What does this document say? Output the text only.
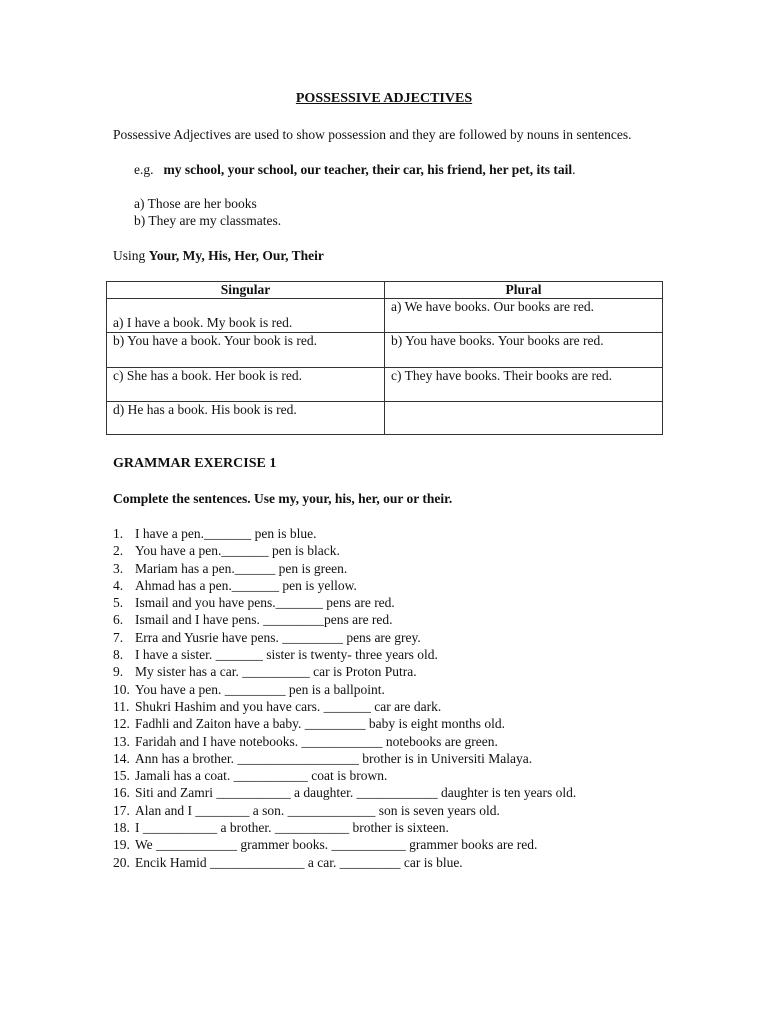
POSSESSIVE ADJECTIVES
Possessive Adjectives are used to show possession and they are followed by nouns in sentences.
e.g. my school, your school, our teacher, their car, his friend, her pet, its tail.
a) Those are her books
b) They are my classmates.
Using Your, My, His, Her, Our, Their
Singular	Plural
a) I have a book. My book is red.	a) We have books. Our books are red.
b) You have a book. Your book is red.	b) You have books. Your books are red.
c) She has a book. Her book is red.	c) They have books. Their books are red.
d) He has a book. His book is red.	
GRAMMAR EXERCISE 1
Complete the sentences. Use my, your, his, her, our or their.
1. I have a pen._______ pen is blue.
2. You have a pen._______ pen is black.
3. Mariam has a pen.______ pen is green.
4. Ahmad has a pen._______ pen is yellow.
5. Ismail and you have pens._______ pens are red.
6. Ismail and I have pens. _________pens are red.
7. Erra and Yusrie have pens. _________ pens are grey.
8. I have a sister. _______ sister is twenty- three years old.
9. My sister has a car. __________ car is Proton Putra.
10. You have a pen. _________ pen is a ballpoint.
11. Shukri Hashim and you have cars. _______ car are dark.
12. Fadhli and Zaiton have a baby. _________ baby is eight months old.
13. Faridah and I have notebooks. ____________ notebooks are green.
14. Ann has a brother. __________________ brother is in Universiti Malaya.
15. Jamali has a coat. ___________ coat is brown.
16. Siti and Zamri ___________ a daughter. ____________ daughter is ten years old.
17. Alan and I ________ a son. _____________ son is seven years old.
18. I ___________ a brother. ___________ brother is sixteen.
19. We ____________ grammer books. ___________ grammer books are red.
20. Encik Hamid ______________ a car. _________ car is blue.
